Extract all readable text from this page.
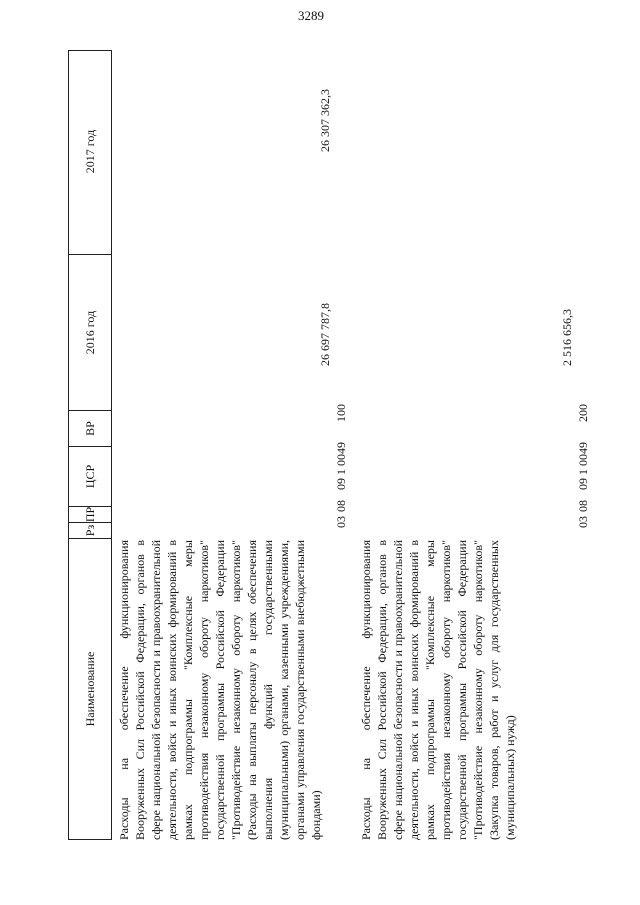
3289
Наименование
Рз
ПР
ЦСР
ВР
2016 год
2017 год
Расходы на обеспечение функционирования Вооруженных Сил Российской Федерации, органов в сфере национальной безопасности и правоохранительной деятельности, войск и иных воинских формирований в рамках подпрограммы "Комплексные меры противодействия незаконному обороту наркотиков" государственной программы Российской Федерации "Противодействие незаконному обороту наркотиков" (Расходы на выплаты персоналу в целях обеспечения выполнения функций государственными (муниципальными) органами, казенными учреждениями, органами управления государственными внебюджетными фондами)
030809 1 0049100
26 697 787,8
26 307 362,3
Расходы на обеспечение функционирования Вооруженных Сил Российской Федерации, органов в сфере национальной безопасности и правоохранительной деятельности, войск и иных воинских формирований в рамках подпрограммы "Комплексные меры противодействия незаконному обороту наркотиков" государственной программы Российской Федерации "Противодействие незаконному обороту наркотиков" (Закупка товаров, работ и услуг для государственных (муниципальных) нужд)
030809 1 0049200
2 516 656,3
